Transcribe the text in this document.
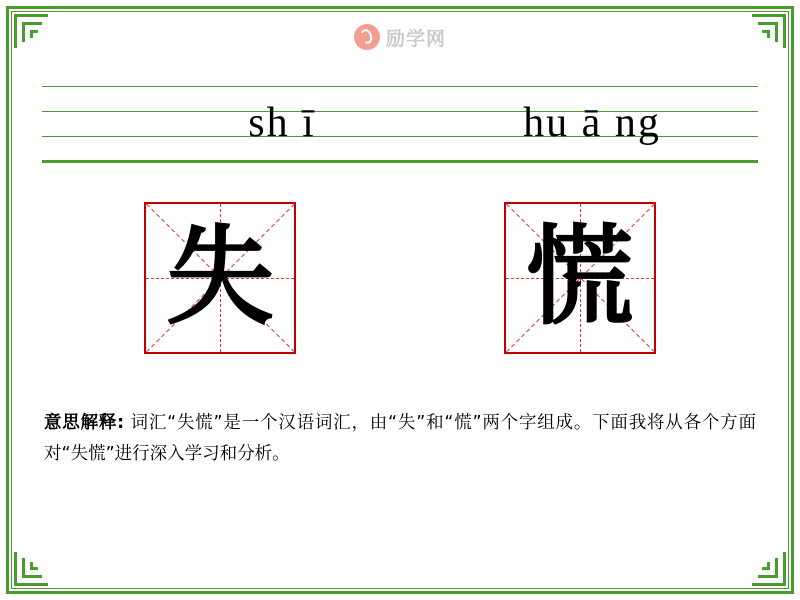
励学网
sh ī	hu ā ng
失 慌
意思解释: 词汇“失慌”是一个汉语词汇，由“失”和“慌”两个字组成。下面我将从各个方面对“失慌”进行深入学习和分析。
